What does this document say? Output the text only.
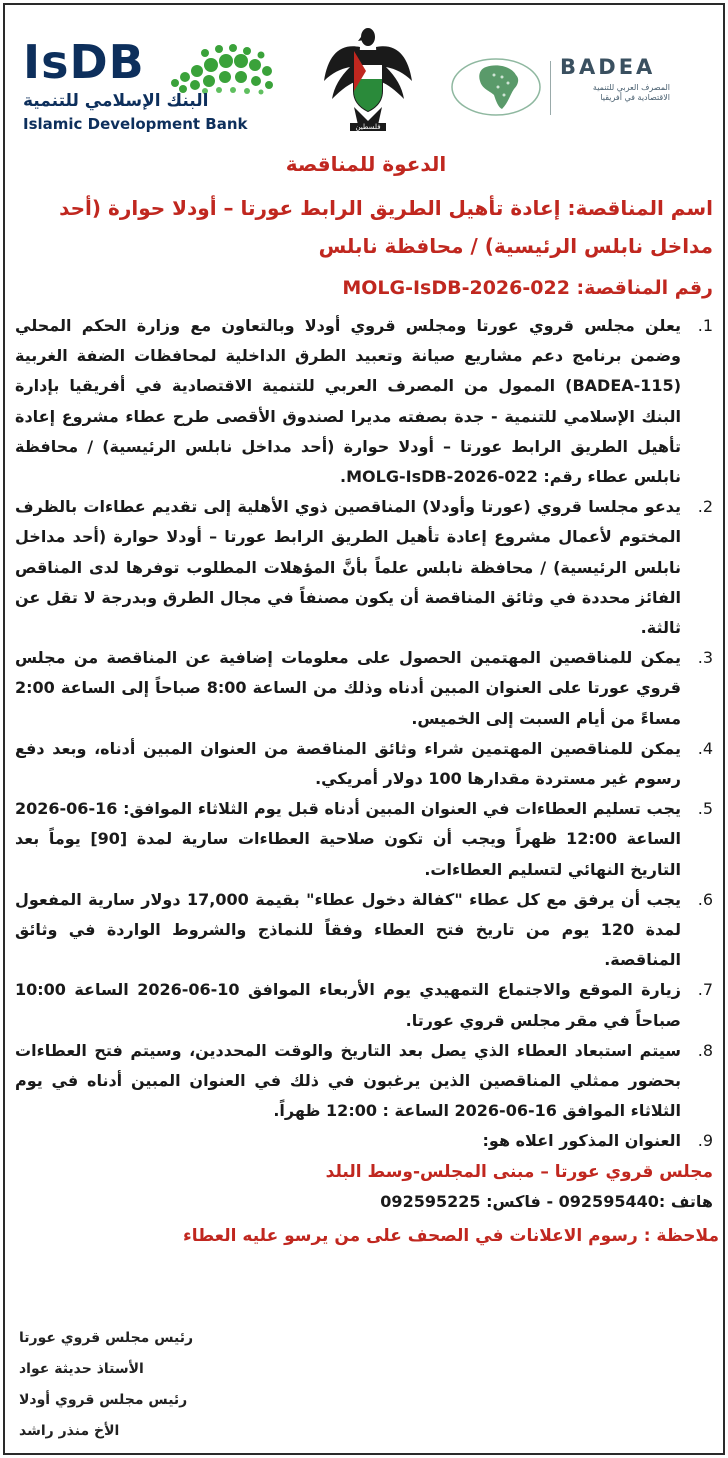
IsDB
البنك الإسلامي للتنمية
Islamic Development Bank	فلسطين
BADEA
المصرف العربي للتنمية الاقتصادية في أفريقيا
الدعوة للمناقصة
اسم المناقصة: إعادة تأهيل الطريق الرابط عورتا – أودلا حوارة (أحد مداخل نابلس الرئيسية) / محافظة نابلس
رقم المناقصة: MOLG-IsDB-2026-022
.1
يعلن مجلس قروي عورتا ومجلس قروي أودلا وبالتعاون مع وزارة الحكم المحلي وضمن برنامج دعم مشاريع صيانة وتعبيد الطرق الداخلية لمحافظات الضفة الغربية (BADEA-115) الممول من المصرف العربي للتنمية الاقتصادية في أفريقيا بإدارة البنك الإسلامي للتنمية - جدة بصفته مديرا لصندوق الأقصى طرح عطاء مشروع إعادة تأهيل الطريق الرابط عورتا – أودلا حوارة (أحد مداخل نابلس الرئيسية) / محافظة نابلس عطاء رقم: MOLG-IsDB-2026-022.
.2
يدعو مجلسا قروي (عورتا وأودلا) المناقصين ذوي الأهلية إلى تقديم عطاءات بالظرف المختوم لأعمال مشروع إعادة تأهيل الطريق الرابط عورتا – أودلا حوارة (أحد مداخل نابلس الرئيسية) / محافظة نابلس علماً بأنَّ المؤهلات المطلوب توفرها لدى المناقص الفائز محددة في وثائق المناقصة أن يكون مصنفاً في مجال الطرق وبدرجة لا تقل عن ثالثة.
.3
يمكن للمناقصين المهتمين الحصول على معلومات إضافية عن المناقصة من مجلس قروي عورتا على العنوان المبين أدناه وذلك من الساعة 8:00 صباحاً إلى الساعة 2:00 مساءً من أيام السبت إلى الخميس.
.4
يمكن للمناقصين المهتمين شراء وثائق المناقصة من العنوان المبين أدناه، وبعد دفع رسوم غير مستردة مقدارها 100 دولار أمريكي.
.5
يجب تسليم العطاءات في العنوان المبين أدناه قبل يوم الثلاثاء الموافق: 16-06-2026 الساعة 12:00 ظهراً ويجب أن تكون صلاحية العطاءات سارية لمدة [90] يوماً بعد التاريخ النهائي لتسليم العطاءات.
.6
يجب أن يرفق مع كل عطاء "كفالة دخول عطاء" بقيمة 17,000 دولار سارية المفعول لمدة 120 يوم من تاريخ فتح العطاء وفقاً للنماذج والشروط الواردة في وثائق المناقصة.
.7
زيارة الموقع والاجتماع التمهيدي يوم الأربعاء الموافق 10-06-2026 الساعة 10:00 صباحاً في مقر مجلس قروي عورتا.
.8
سيتم استبعاد العطاء الذي يصل بعد التاريخ والوقت المحددين، وسيتم فتح العطاءات بحضور ممثلي المناقصين الذين يرغبون في ذلك في العنوان المبين أدناه في يوم الثلاثاء الموافق 16-06-2026 الساعة : 12:00 ظهراً.
.9
العنوان المذكور اعلاه هو:
مجلس قروي عورتا – مبنى المجلس-وسط البلد
هاتف :092595440 - فاكس: 092595225
ملاحظة : رسوم الاعلانات في الصحف على من يرسو عليه العطاء
رئيس مجلس قروي عورتا
الأستاذ حديثة عواد
رئيس مجلس قروي أودلا
الأخ منذر راشد
